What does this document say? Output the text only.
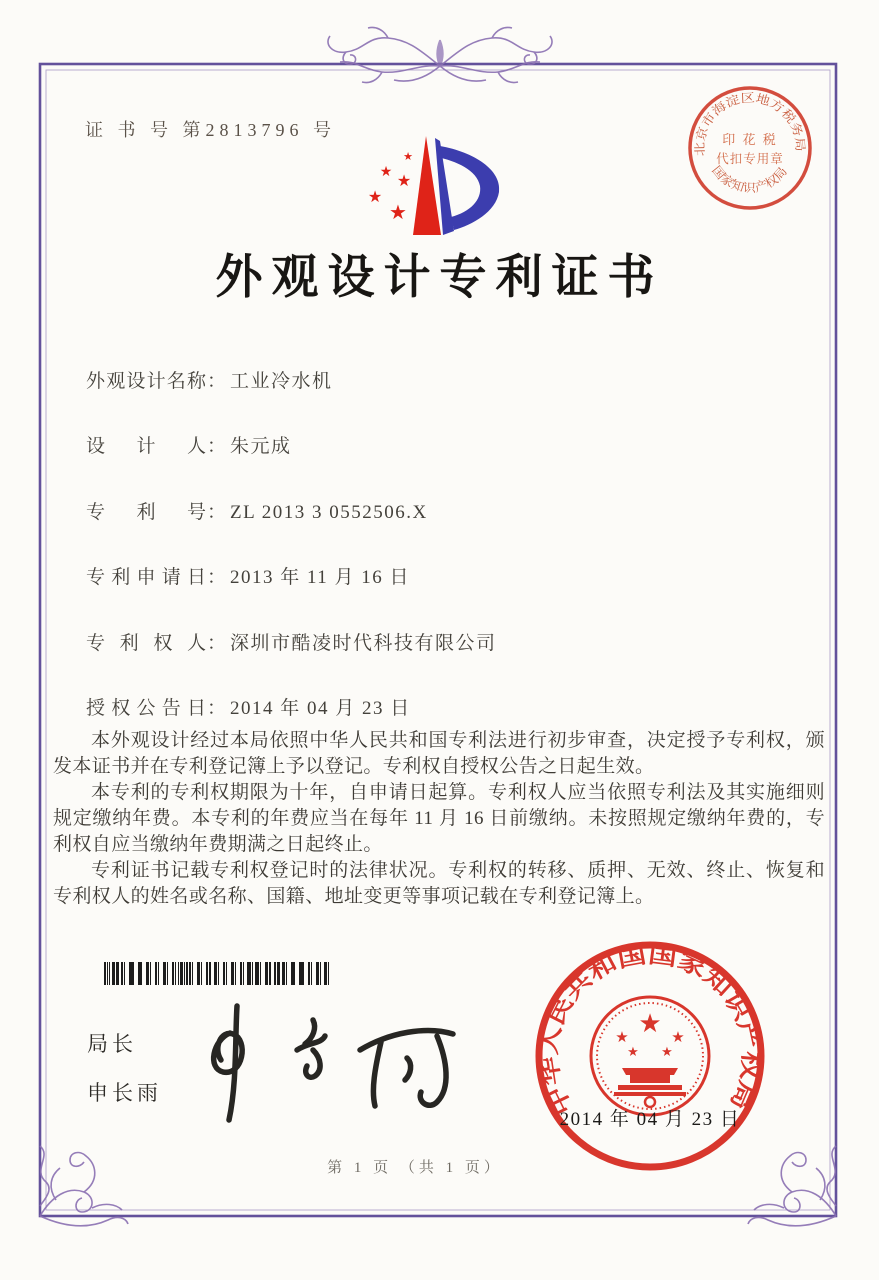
证 书 号 第2813796 号
★
★ ★
★
★
外观设计专利证书
外观设计名称： 工业冷水机
设计人： 朱元成
专利号： ZL 2013 3 0552506.X
专利申请日： 2013 年 11 月 16 日
专利权人： 深圳市酷凌时代科技有限公司
授权公告日： 2014 年 04 月 23 日

本外观设计经过本局依照中华人民共和国专利法进行初步审查，决定授予专利权，颁发本证书并在专利登记簿上予以登记。专利权自授权公告之日起生效。

本专利的专利权期限为十年，自申请日起算。专利权人应当依照专利法及其实施细则规定缴纳年费。本专利的年费应当在每年 11 月 16 日前缴纳。未按照规定缴纳年费的，专利权自应当缴纳年费期满之日起终止。

专利证书记载专利权登记时的法律状况。专利权的转移、质押、无效、终止、恢复和专利权人的姓名或名称、国籍、地址变更等事项记载在专利登记簿上。

局长
申长雨	中华人民共和国国家知识产权局
★
★	★
★ ★
2014 年 04 月 23 日
北京市海淀区地方税务局
国家知识产权局
印 花 税
代扣专用章
第 1 页 （共 1 页）
